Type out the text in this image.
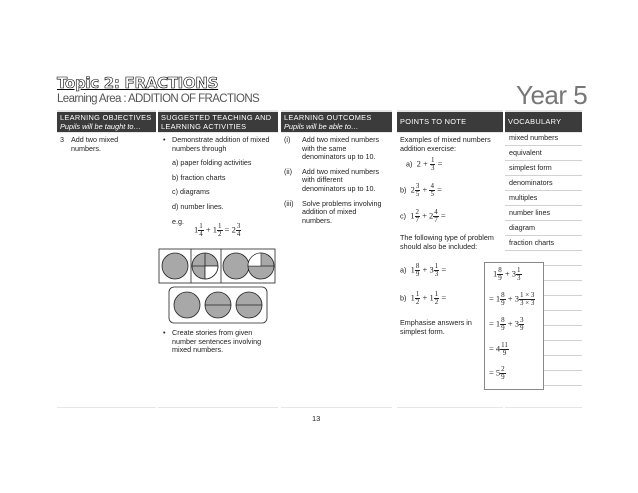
Topic 2: FRACTIONS
Learning Area : ADDITION OF FRACTIONS	Year 5
LEARNING OBJECTIVES
Pupils will be taught to…
SUGGESTED TEACHING AND LEARNING ACTIVITIES
LEARNING OUTCOMES
Pupils will be able to…
POINTS TO NOTE	VOCABULARY

3 Add two mixed numbers.

• Demonstrate addition of mixed numbers through

a) paper folding activities

b) fraction charts

c) diagrams

d) number lines.

e.g.

$1 \frac{1}{4} + 1 \frac{1}{2} = 2 \frac{3}{4}$

• Create stories from given number sentences involving mixed numbers.

(i) Add two mixed numbers with the same denominators up to 10.

(ii) Add two mixed numbers with different denominators up to 10.

(iii) Solve problems involving addition of mixed numbers.

Examples of mixed numbers addition exercise:

a) $2 + \frac{1}{3}$ =
b) $2 \frac{3}{5} + \frac{4}{5}$ =
c) $1 \frac{2}{7} + 2 \frac{4}{7}$ =

The following type of problem should also be included:

a) $1 \frac{8}{9} + 3 \frac{1}{3}$ =
b) $1 \frac{1}{2} + 1 \frac{1}{2}$ =

Emphasise answers in simplest form.

mixed numbers
equivalent
simplest form
denominators
multiples
number lines
diagram
fraction charts
$1 \frac{8}{9} + 3 \frac{1}{3}$
= $1 \frac{8}{9} + 3 \frac{1 \times 3}{3 \times 3}$
= $1 \frac{8}{9} + 3 \frac{3}{9}$
= $4 \frac{11}{9}$
= $5 \frac{2}{9}$
13
